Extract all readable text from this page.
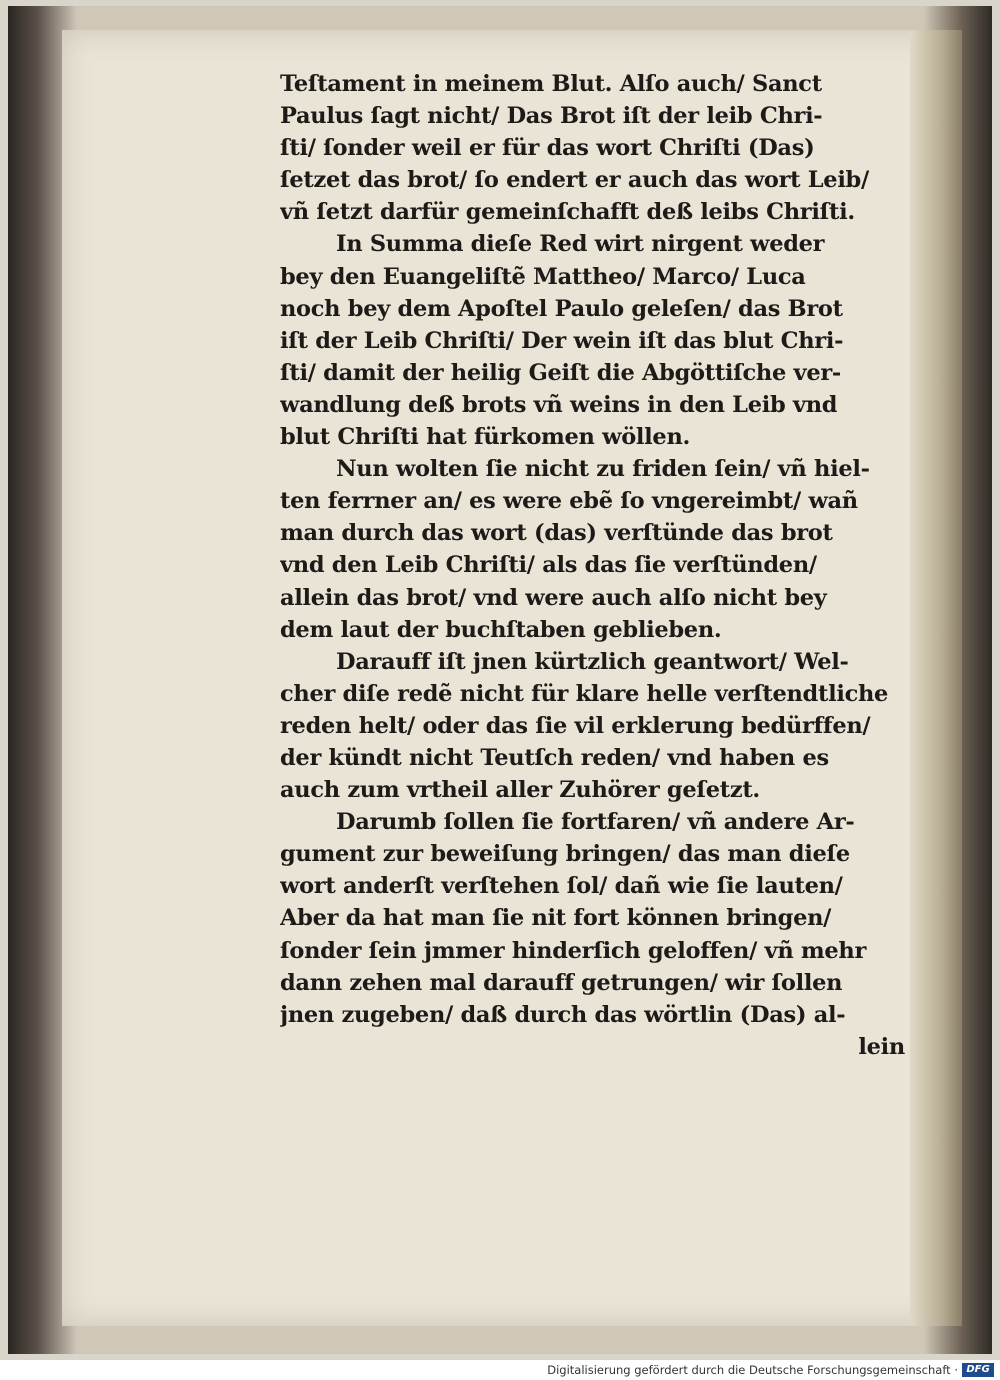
Teſtament in meinem Blut. Alſo auch/ Sanct
Paulus ſagt nicht/ Das Brot iſt der leib Chri-
ſti/ ſonder weil er für das wort Chriſti (Das)
ſetzet das brot/ ſo endert er auch das wort Leib/
vñ ſetzt darfür gemeinſchafft deß leibs Chriſti.
In Summa dieſe Red wirt nirgent weder
bey den Euangeliſtẽ Mattheo/ Marco/ Luca
noch bey dem Apoſtel Paulo geleſen/ das Brot
iſt der Leib Chriſti/ Der wein iſt das blut Chri-
ſti/ damit der heilig Geiſt die Abgöttiſche ver-
wandlung deß brots vñ weins in den Leib vnd
blut Chriſti hat fürkomen wöllen.
Nun wolten ſie nicht zu friden ſein/ vñ hiel-
ten ferrner an/ es were ebẽ ſo vngereimbt/ wañ
man durch das wort (das) verſtünde das brot
vnd den Leib Chriſti/ als das ſie verſtünden/
allein das brot/ vnd were auch alſo nicht bey
dem laut der buchſtaben geblieben.
Darauff iſt jnen kürtzlich geantwort/ Wel-
cher diſe redẽ nicht für klare helle verſtendtliche
reden helt/ oder das ſie vil erklerung bedürffen/
der kündt nicht Teutſch reden/ vnd haben es
auch zum vrtheil aller Zuhörer geſetzt.
Darumb ſollen ſie fortfaren/ vñ andere Ar-
gument zur beweiſung bringen/ das man dieſe
wort anderſt verſtehen ſol/ dañ wie ſie lauten/
Aber da hat man ſie nit fort können bringen/
ſonder ſein jmmer hinderſich geloffen/ vñ mehr
dann zehen mal darauff getrungen/ wir ſollen
jnen zugeben/ daß durch das wörtlin (Das) al-
lein
Digitalisierung gefördert durch die Deutsche Forschungsgemeinschaft · DFG
